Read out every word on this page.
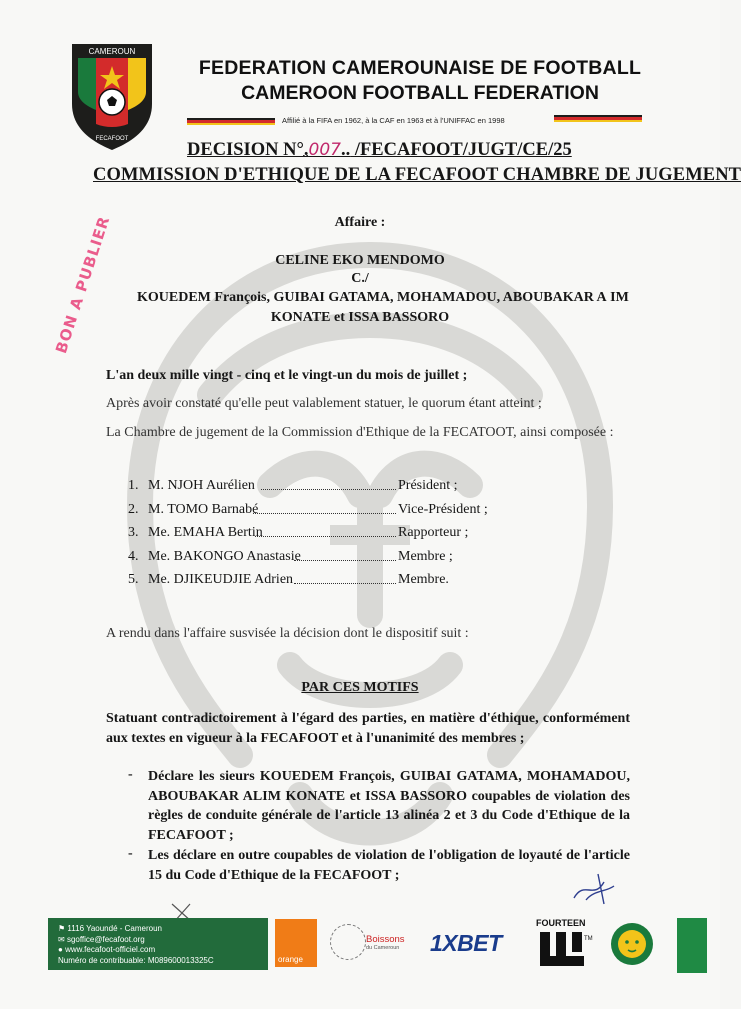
CAMEROUN
FECAFOOT
FEDERATION CAMEROUNAISE DE FOOTBALL
CAMEROON FOOTBALL FEDERATION
Affilié à la FIFA en 1962, à la CAF en 1963 et à l'UNIFFAC en 1998
DECISION N°.007.. /FECAFOOT/JUGT/CE/25
COMMISSION D'ETHIQUE DE LA FECAFOOT CHAMBRE DE JUGEMENT
BON A PUBLIER	Affaire :
CELINE EKO MENDOMO
C./
KOUEDEM François, GUIBAI GATAMA, MOHAMADOU, ABOUBAKAR A IM
KONATE et ISSA BASSORO
L'an deux mille vingt - cinq et le vingt-un du mois de juillet ;
Après avoir constaté qu'elle peut valablement statuer, le quorum étant atteint ;
La Chambre de jugement de la Commission d'Ethique de la FECATOOT, ainsi composée :
1. M. NJOH Aurélien	Président ;
2. M. TOMO Barnabé	Vice-Président ;
3. Me. EMAHA Bertin	Rapporteur ;
4. Me. BAKONGO Anastasie	Membre ;
5. Me. DJIKEUDJIE Adrien	Membre.
A rendu dans l'affaire susvisée la décision dont le dispositif suit :
PAR CES MOTIFS
Statuant contradictoirement à l'égard des parties, en matière d'éthique, conformément aux textes en vigueur à la FECAFOOT et à l'unanimité des membres ;
- Déclare les sieurs KOUEDEM François, GUIBAI GATAMA, MOHAMADOU, ABOUBAKAR ALIM KONATE et ISSA BASSORO coupables de violation des règles de conduite générale de l'article 13 alinéa 2 et 3 du Code d'Ethique de la FECAFOOT ;
- Les déclare en outre coupables de violation de l'obligation de loyauté de l'article 15 du Code d'Ethique de la FECAFOOT ;
⚑ 1116 Yaoundé - Cameroun
✉ sgoffice@fecafoot.org
● www.fecafoot-officiel.com
Numéro de contribuable: M089600013325C	orange
Boissons
du Cameroun 1XBET
FOURTEEN
TM
